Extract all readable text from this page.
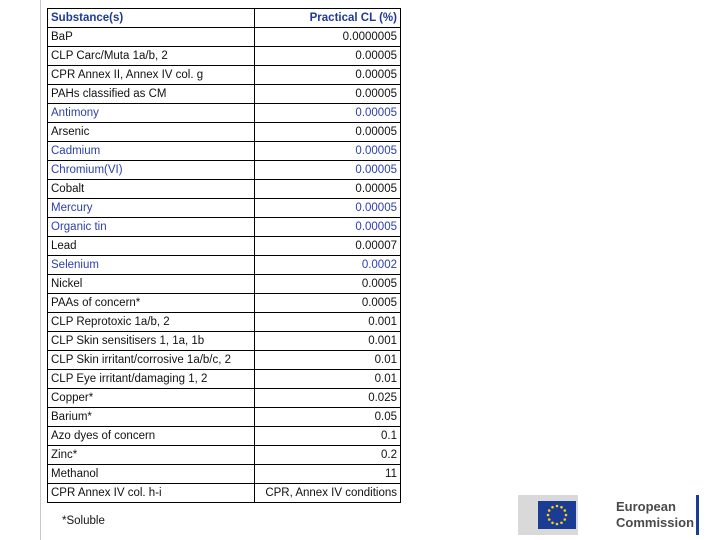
Substance(s)	Practical CL (%)
BaP	0.0000005
CLP Carc/Muta 1a/b, 2	0.00005
CPR Annex II, Annex IV col. g	0.00005
PAHs classified as CM	0.00005
Antimony	0.00005
Arsenic	0.00005
Cadmium	0.00005
Chromium(VI)	0.00005
Cobalt	0.00005
Mercury	0.00005
Organic tin	0.00005
Lead	0.00007
Selenium	0.0002
Nickel	0.0005
PAAs of concern*	0.0005
CLP Reprotoxic 1a/b, 2	0.001
CLP Skin sensitisers 1, 1a, 1b	0.001
CLP Skin irritant/corrosive 1a/b/c, 2	0.01
CLP Eye irritant/damaging 1, 2	0.01
Copper*	0.025
Barium*	0.05
Azo dyes of concern	0.1
Zinc*	0.2
Methanol	11
CPR Annex IV col. h-i	CPR, Annex IV conditions
*Soluble
European
Commission
